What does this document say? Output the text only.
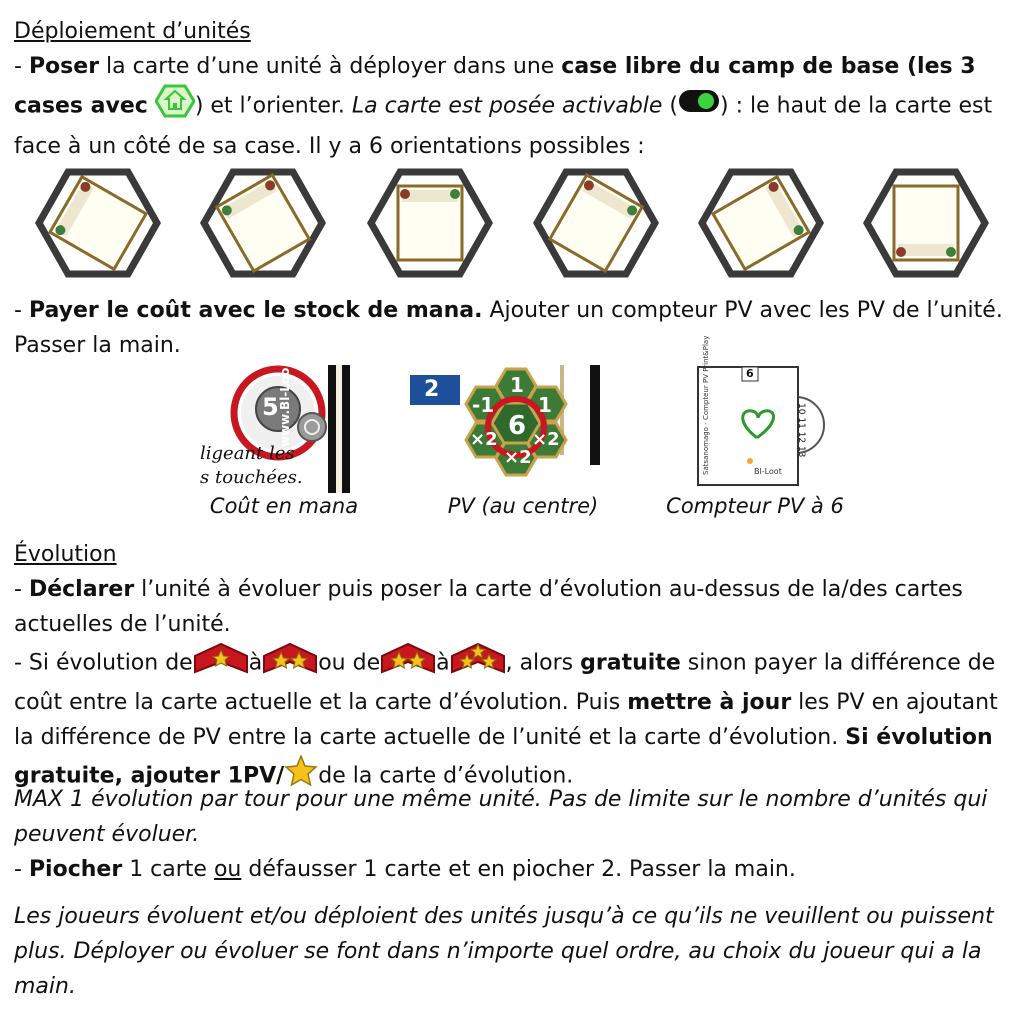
Déploiement d’unités

- Poser la carte d’une unité à déployer dans une case libre du camp de base (les 3 cases avec ) et l’orienter. La carte est posée activable ( ) : le haut de la carte est face à un côté de sa case. Il y a 6 orientations possibles :

- Payer le coût avec le stock de mana. Ajouter un compteur PV avec les PV de l’unité. Passer la main.

5
ligeant les
s touchées.
www.Bl-Loo	2	1
-1 1
6
×2 ×2
×2
6
Satsanomago - Compteur PV Print&Play	Bl-Loot
10 11 12 13
Coût en mana	PV (au centre)	Compteur PV à 6

Évolution

- Déclarer l’unité à évoluer puis poser la carte d’évolution au-dessus de la/des cartes actuelles de l’unité.

- Si évolution de	à	ou de	à	, alors gratuite sinon payer la différence de coût entre la carte actuelle et la carte d’évolution. Puis mettre à jour les PV en ajoutant la différence de PV entre la carte actuelle de l’unité et la carte d’évolution. Si évolution gratuite, ajouter 1PV/ de la carte d’évolution.

MAX 1 évolution par tour pour une même unité. Pas de limite sur le nombre d’unités qui peuvent évoluer.

- Piocher 1 carte ou défausser 1 carte et en piocher 2. Passer la main.

Les joueurs évoluent et/ou déploient des unités jusqu’à ce qu’ils ne veuillent ou puissent plus. Déployer ou évoluer se font dans n’importe quel ordre, au choix du joueur qui a la main.
